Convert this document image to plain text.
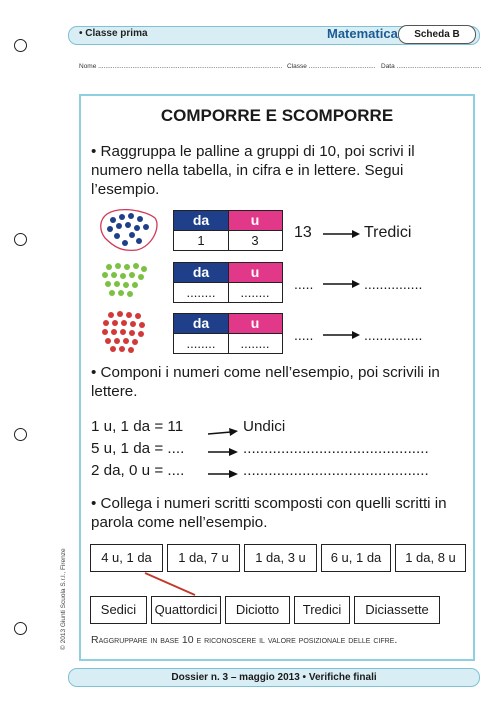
• Classe prima	Matematica	Scheda B
Nome ...................................................................................................... Classe ..................................... Data ...............................................
© 2013 Giunti Scuola S.r.l., Firenze
COMPORRE E SCOMPORRE
• Raggruppa le palline a gruppi di 10, poi scrivi il numero nella tabella, in cifra e in lettere. Segui l’esempio.
da	u
1	3	13	Tredici
da	u
........	........
.....	...............
da	u
........	........
.....	...............
• Componi i numeri come nell’esempio, poi scrivili in lettere.
1 u, 1 da = 11	Undici
5 u, 1 da = ....	............................................
2 da, 0 u = ....	............................................
• Collega i numeri scritti scomposti con quelli scritti in parola come nell’esempio.
4 u, 1 da	1 da, 7 u	1 da, 3 u	6 u, 1 da	1 da, 8 u
Sedici	Quattordici	Diciotto	Tredici	Diciassette
Raggruppare in base 10 e riconoscere il valore posizionale delle cifre.
Dossier n. 3 – maggio 2013 • Verifiche finali
